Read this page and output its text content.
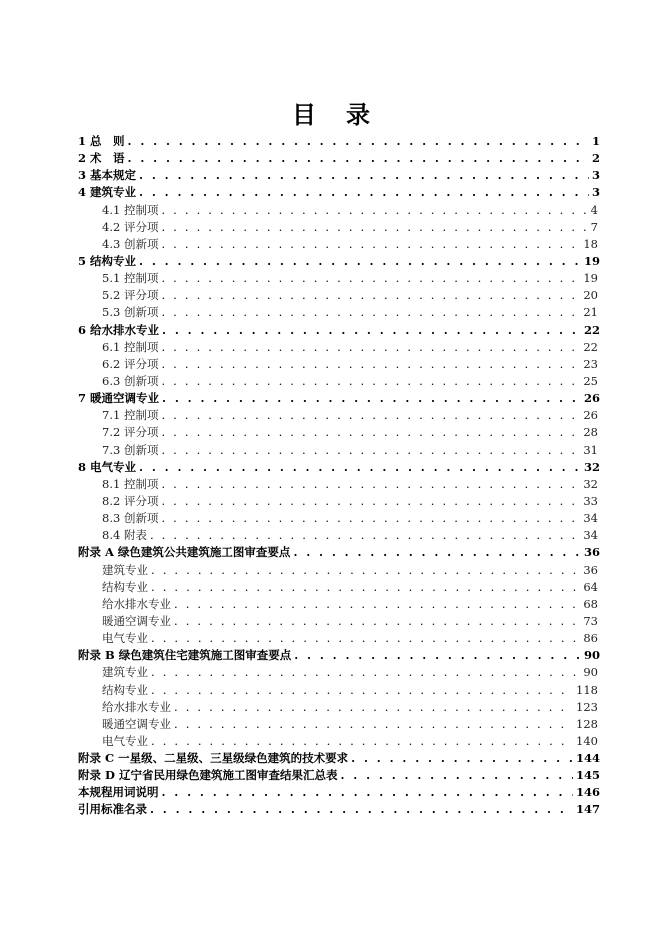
目 录
1 总　则 . . .	1
2 术　语 . . .	2
3 基本规定 . . .	3
4 建筑专业 . . .	3
4.1 控制项 . . .	4
4.2 评分项 . . .	7
4.3 创新项 . . .	18
5 结构专业 . . .	19
5.1 控制项 . . .	19
5.2 评分项 . . .	20
5.3 创新项 . . .	21
6 给水排水专业 . . .	22
6.1 控制项 . . .	22
6.2 评分项 . . .	23
6.3 创新项 . . .	25
7 暖通空调专业 . . .	26
7.1 控制项 . . .	26
7.2 评分项 . . .	28
7.3 创新项 . . .	31
8 电气专业 . . .	32
8.1 控制项 . . .	32
8.2 评分项 . . .	33
8.3 创新项 . . .	34
8.4 附表 . . .	34
附录 A 绿色建筑公共建筑施工图审查要点 . . .	36
建筑专业 . . .	36
结构专业 . . .	64
给水排水专业 . . .	68
暖通空调专业 . . .	73
电气专业 . . .	86
附录 B 绿色建筑住宅建筑施工图审查要点 . . .	90
建筑专业 . . .	90
结构专业 . . .	118
给水排水专业 . . .	123
暖通空调专业 . . .	128
电气专业 . . .	140
附录 C 一星级、二星级、三星级绿色建筑的技术要求 . . .	144
附录 D 辽宁省民用绿色建筑施工图审查结果汇总表 . . .	145
本规程用词说明 . . .	146
引用标准名录 . . .	147
